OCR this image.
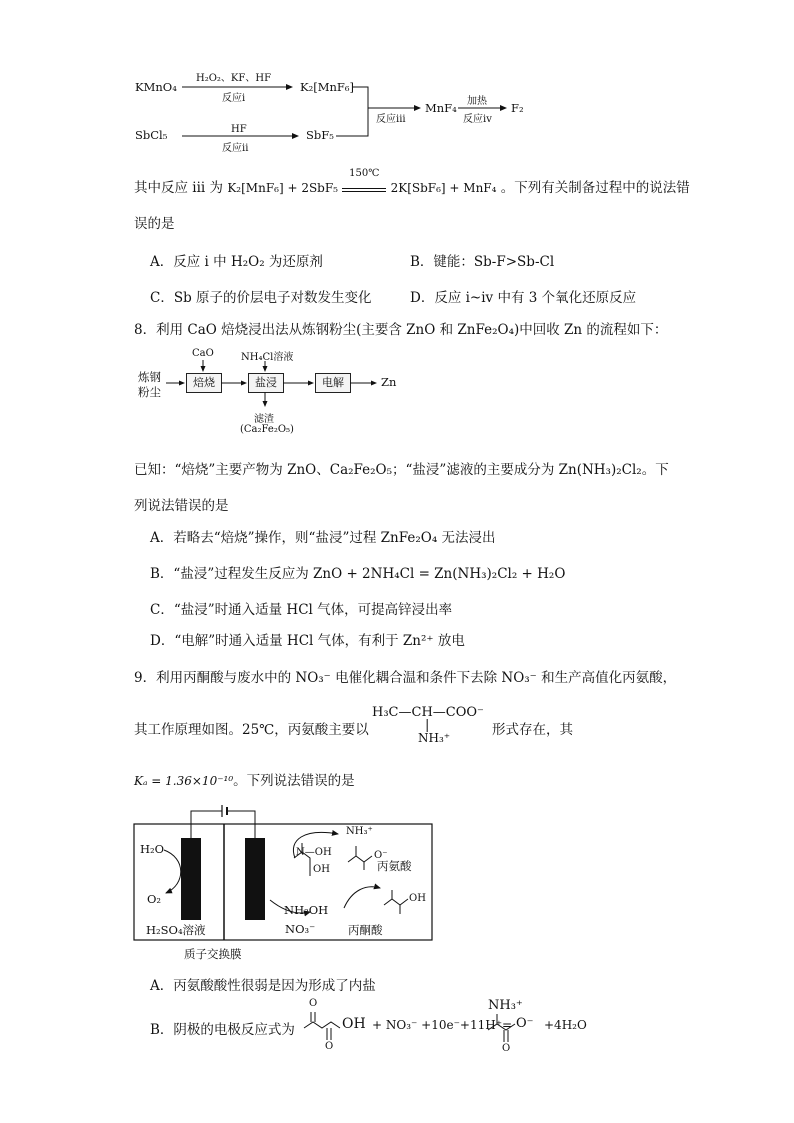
KMnO₄
H₂O₂、KF、HF
反应i
K₂[MnF₆]
SbCl₅	HF
反应ii
SbF₅
反应iii
MnF₄ 加热
反应iv
F₂
其中反应 iii 为 K₂[MnF₆] + 2SbF₅
150℃
2K[SbF₆] + MnF₄ 。下列有关制备过程中的说法错
误的是
A．反应 i 中 H₂O₂ 为还原剂	B．键能：Sb-F>Sb-Cl
C．Sb 原子的价层电子对数发生变化	D．反应 i~iv 中有 3 个氧化还原反应
8．利用 CaO 焙烧浸出法从炼钢粉尘(主要含 ZnO 和 ZnFe₂O₄)中回收 Zn 的流程如下：
炼钢
粉尘
CaO
焙烧
NH₄Cl溶液
盐浸	电解	Zn
滤渣
(Ca₂Fe₂O₅)
已知：“焙烧”主要产物为 ZnO、Ca₂Fe₂O₅；“盐浸”滤液的主要成分为 Zn(NH₃)₂Cl₂。下
列说法错误的是
A．若略去“焙烧”操作，则“盐浸”过程 ZnFe₂O₄ 无法浸出
B．“盐浸”过程发生反应为 ZnO + 2NH₄Cl = Zn(NH₃)₂Cl₂ + H₂O
C．“盐浸”时通入适量 HCl 气体，可提高锌浸出率
D．“电解”时通入适量 HCl 气体，有利于 Zn²⁺ 放电
9．利用丙酮酸与废水中的 NO₃⁻ 电催化耦合温和条件下去除 NO₃⁻ 和生产高值化丙氨酸，
其工作原理如图。25℃，丙氨酸主要以
H₃C—CH—COO⁻
|
NH₃⁺	形式存在，其
Kₐ = 1.36×10⁻¹⁰。下列说法错误的是
H₂O
O₂
H₂SO₄溶液
质子交换膜
NH₃⁺
O⁻
丙氨酸
N—OH
OH
NH₂OH
NO₃⁻
OH
丙酮酸
A．丙氨酸酸性很弱是因为形成了内盐
B．阴极的电极反应式为
O
O
OH + NO₃⁻ +10e⁻+11H⁺=
NH₃⁺
O
O⁻ +4H₂O
